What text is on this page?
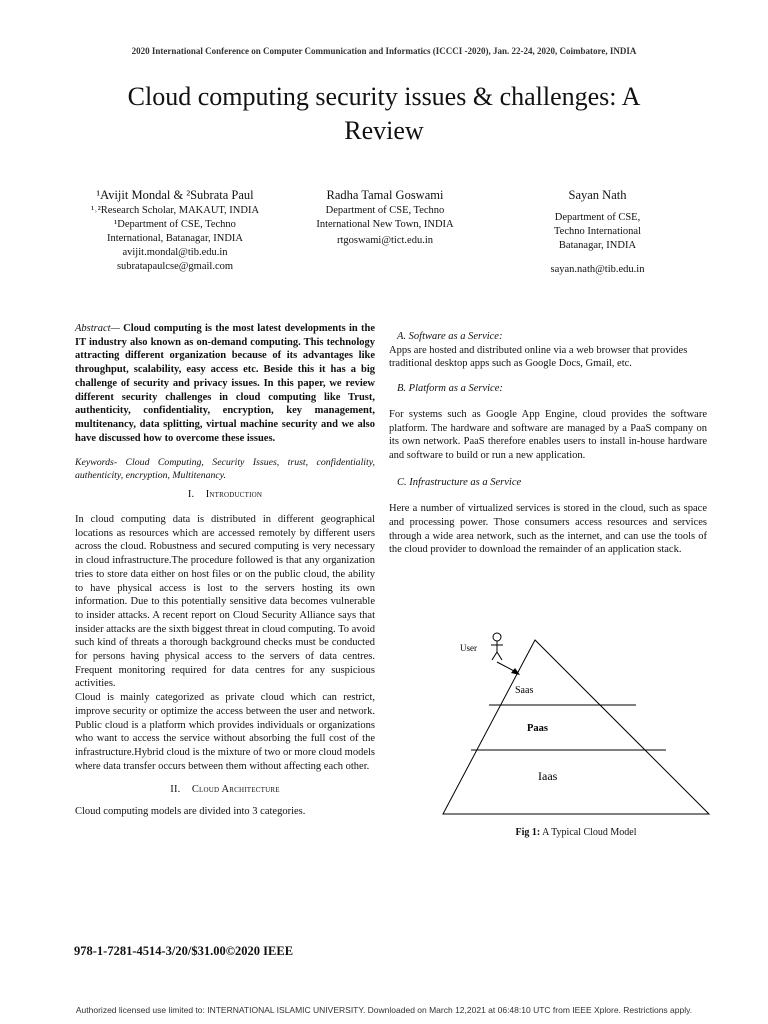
2020 International Conference on Computer Communication and Informatics (ICCCI -2020), Jan. 22-24, 2020, Coimbatore, INDIA
Cloud computing security issues & challenges: A
Review
¹Avijit Mondal & ²Subrata Paul
¹˒²Research Scholar, MAKAUT, INDIA
¹Department of CSE, Techno
International, Batanagar, INDIA
avijit.mondal@tib.edu.in
subratapaulcse@gmail.com
Radha Tamal Goswami
Department of CSE, Techno
International New Town, INDIA
rtgoswami@tict.edu.in
Sayan Nath
Department of CSE,
Techno International
Batanagar, INDIA
sayan.nath@tib.edu.in

Abstract— Cloud computing is the most latest developments in the IT industry also known as on-demand computing. This technology attracting different organization because of its advantages like throughput, scalability, easy access etc. Beside this it has a big challenge of security and privacy issues. In this paper, we review different security challenges in cloud computing like Trust, authenticity, confidentiality, encryption, key management, multitenancy, data splitting, virtual machine security and we also have discussed how to overcome these issues.

Keywords- Cloud Computing, Security Issues, trust, confidentiality, authenticity, encryption, Multitenancy.

I. Introduction

In cloud computing data is distributed in different geographical locations as resources which are accessed remotely by different users across the cloud. Robustness and secured computing is very necessary in cloud infrastructure.The procedure followed is that any organization tries to store data either on host files or on the public cloud, the ability to have physical access is lost to the servers hosting its own information. Due to this potentially sensitive data becomes vulnerable to insider attacks. A recent report on Cloud Security Alliance says that insider attacks are the sixth biggest threat in cloud computing. To avoid such kind of threats a thorough background checks must be conducted for persons having physical access to the servers of data centres. Frequent monitoring required for data centres for any suspicious activities.

Cloud is mainly categorized as private cloud which can restrict, improve security or optimize the access between the user and network. Public cloud is a platform which provides individuals or organizations who want to access the service without absorbing the full cost of the infrastructure.Hybrid cloud is the mixture of two or more cloud models where data transfer occurs between them without affecting each other.

II. Cloud Architecture

Cloud computing models are divided into 3 categories.

A. Software as a Service:

Apps are hosted and distributed online via a web browser that provides traditional desktop apps such as Google Docs, Gmail, etc.

B. Platform as a Service:

For systems such as Google App Engine, cloud provides the software platform. The hardware and software are managed by a PaaS company on its own network. PaaS therefore enables users to install in-house hardware and software to build or run a new application.

C. Infrastructure as a Service

Here a number of virtualized services is stored in the cloud, such as space and processing power. Those consumers access resources and services through a wide area network, such as the internet, and can use the tools of the cloud provider to download the remainder of an application stack.

User
Saas
Paas
Iaas
Fig 1: A Typical Cloud Model
978-1-7281-4514-3/20/$31.00©2020 IEEE
Authorized licensed use limited to: INTERNATIONAL ISLAMIC UNIVERSITY. Downloaded on March 12,2021 at 06:48:10 UTC from IEEE Xplore. Restrictions apply.
